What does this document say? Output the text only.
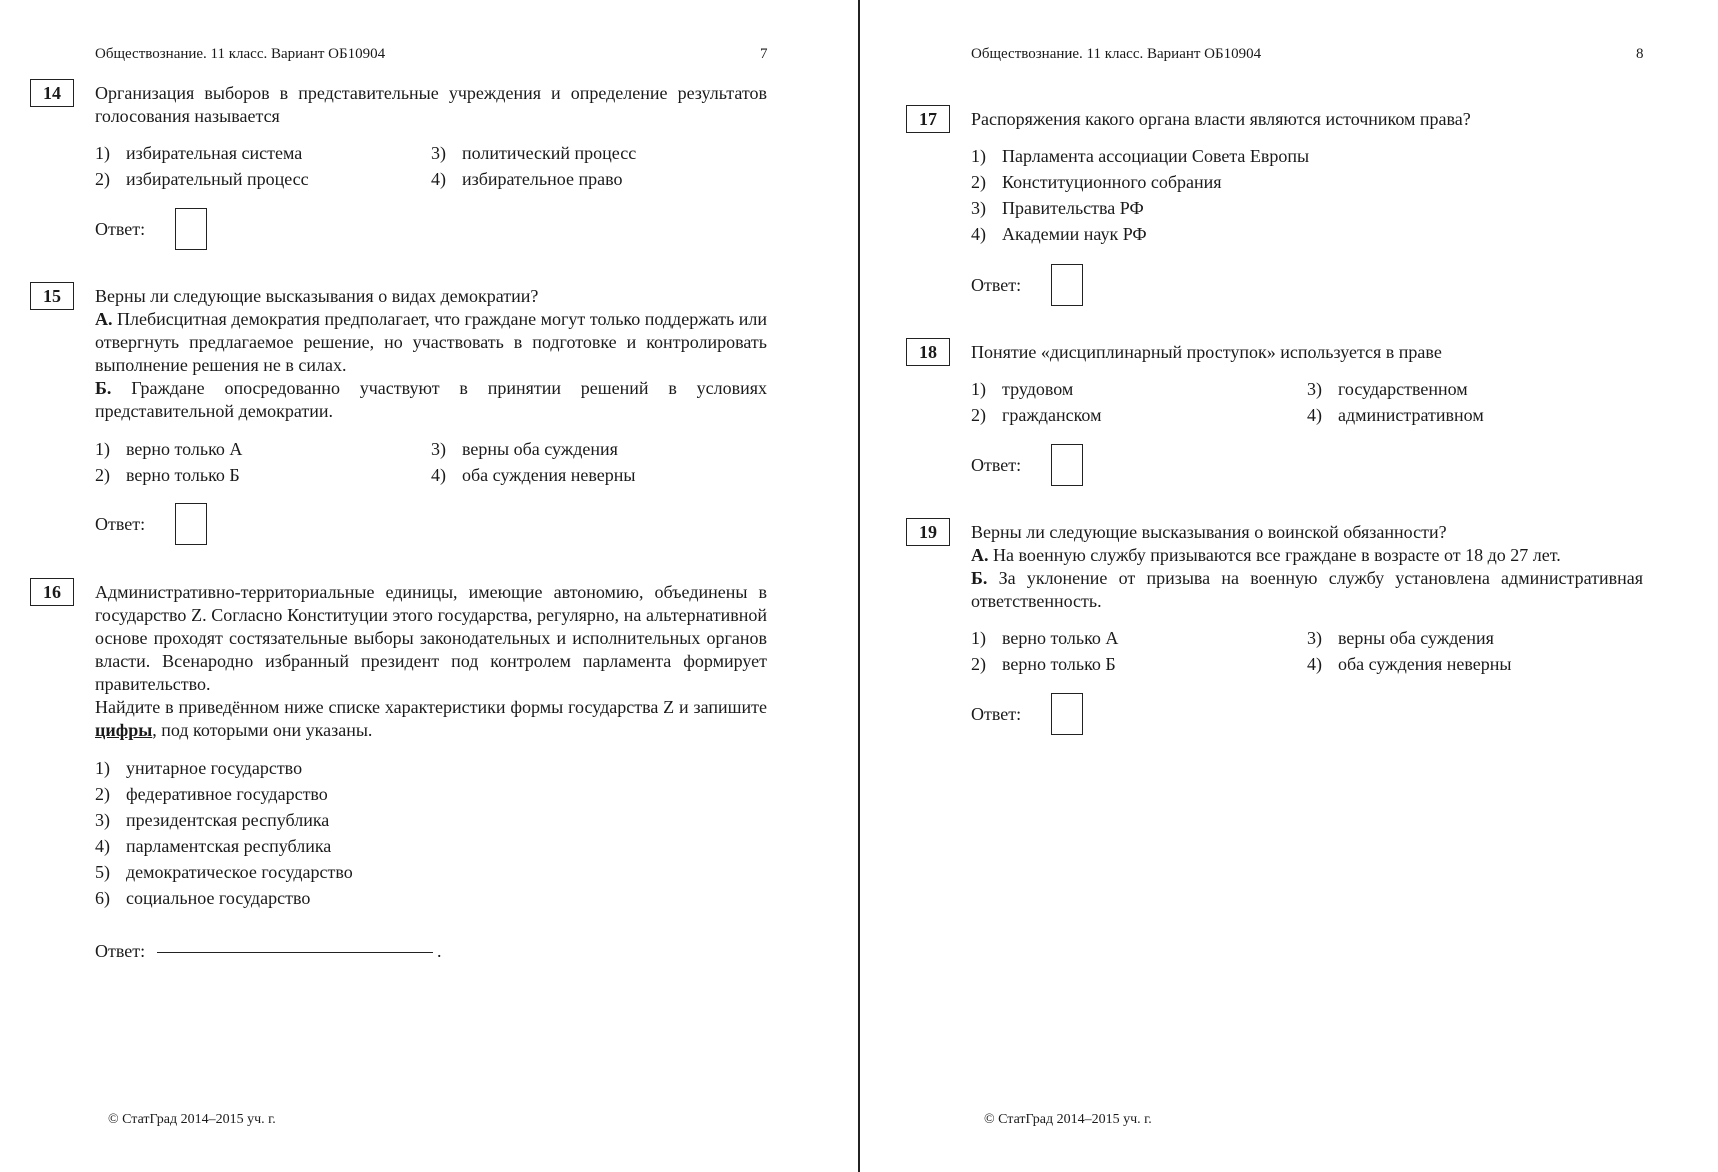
Обществознание. 11 класс. Вариант ОБ10904	7
14	Организация выборов в представительные учреждения и определение результатов голосования называется
1) избирательная система
2) избирательный процесс
3) политический процесс
4) избирательное право
Ответ:
15	Верны ли следующие высказывания о видах демократии?

А. Плебисцитная демократия предполагает, что граждане могут только поддержать или отвергнуть предлагаемое решение, но участвовать в подготовке и контролировать выполнение решения не в силах.

Б. Граждане опосредованно участвуют в принятии решений в условиях представительной демократии.

1) верно только А
2) верно только Б
3) верны оба суждения
4) оба суждения неверны
Ответ:
16	Административно-территориальные единицы, имеющие автономию, объединены в государство Z. Согласно Конституции этого государства, регулярно, на альтернативной основе проходят состязательные выборы законодательных и исполнительных органов власти. Всенародно избранный президент под контролем парламента формирует правительство.

Найдите в приведённом ниже списке характеристики формы государства Z и запишите цифры, под которыми они указаны.

1) унитарное государство
2) федеративное государство
3) президентская республика
4) парламентская республика
5) демократическое государство
6) социальное государство
Ответ:	.
© СтатГрад 2014–2015 уч. г.
Обществознание. 11 класс. Вариант ОБ10904	8
17	Распоряжения какого органа власти являются источником права?
1) Парламента ассоциации Совета Европы
2) Конституционного собрания
3) Правительства РФ
4) Академии наук РФ
Ответ:
18	Понятие «дисциплинарный проступок» используется в праве
1) трудовом
2) гражданском
3) государственном
4) административном
Ответ:
19	Верны ли следующие высказывания о воинской обязанности?

А. На военную службу призываются все граждане в возрасте от 18 до 27 лет.

Б. За уклонение от призыва на военную службу установлена административная ответственность.

1) верно только А
2) верно только Б
3) верны оба суждения
4) оба суждения неверны
Ответ:
© СтатГрад 2014–2015 уч. г.
